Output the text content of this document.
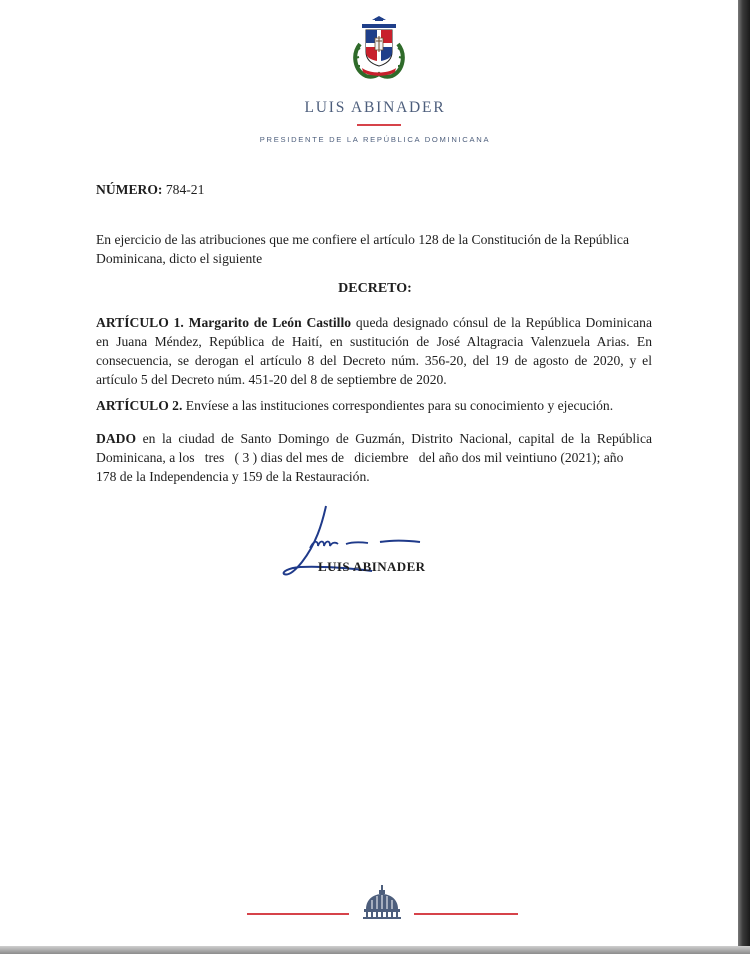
LUIS ABINADER
PRESIDENTE DE LA REPÚBLICA DOMINICANA
NÚMERO: 784-21
En ejercicio de las atribuciones que me confiere el artículo 128 de la Constitución de la República
Dominicana, dicto el siguiente
DECRETO:
ARTÍCULO 1. Margarito de León Castillo queda designado cónsul de la República Dominicana
en Juana Méndez, República de Haití, en sustitución de José Altagracia Valenzuela Arias. En
consecuencia, se derogan el artículo 8 del Decreto núm. 356-20, del 19 de agosto de 2020, y el
artículo 5 del Decreto núm. 451-20 del 8 de septiembre de 2020.
ARTÍCULO 2. Envíese a las instituciones correspondientes para su conocimiento y ejecución.
DADO en la ciudad de Santo Domingo de Guzmán, Distrito Nacional, capital de la República
Dominicana, a los   tres   ( 3 ) dias del mes de   diciembre   del año dos mil veintiuno (2021); año
178 de la Independencia y 159 de la Restauración.
LUIS ABINADER
